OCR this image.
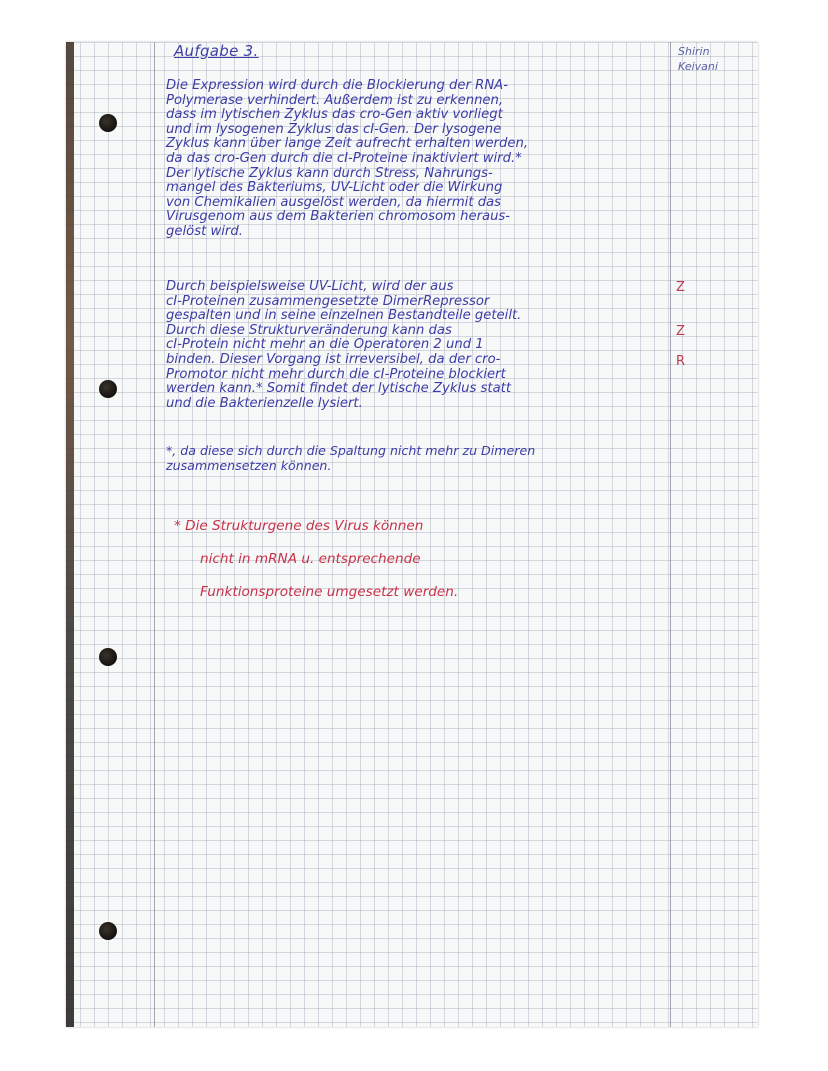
Aufgabe 3.	Shirin
Keivani

Die Expression wird durch die Blockierung der RNA-
Polymerase verhindert. Außerdem ist zu erkennen,
dass im lytischen Zyklus das cro-Gen aktiv vorliegt
und im lysogenen Zyklus das cI-Gen. Der lysogene
Zyklus kann über lange Zeit aufrecht erhalten werden,
da das cro-Gen durch die cI-Proteine inaktiviert wird.*
Der lytische Zyklus kann durch Stress, Nahrungs-
mangel des Bakteriums, UV-Licht oder die Wirkung
von Chemikalien ausgelöst werden, da hiermit das
Virusgenom aus dem Bakterien chromosom heraus-
gelöst wird.
Durch beispielsweise UV-Licht, wird der aus
cI-Proteinen zusammengesetzte DimerRepressor
gespalten und in seine einzelnen Bestandteile geteilt.
Durch diese Strukturveränderung kann das
cI-Protein nicht mehr an die Operatoren 2 und 1
binden. Dieser Vorgang ist irreversibel, da der cro-
Promotor nicht mehr durch die cI-Proteine blockiert
werden kann.* Somit findet der lytische Zyklus statt
und die Bakterienzelle lysiert.
Z
Z
R
*, da diese sich durch die Spaltung nicht mehr zu Dimeren
zusammensetzen können.
* Die Strukturgene des Virus können
nicht in mRNA u. entsprechende
Funktionsproteine umgesetzt werden.
